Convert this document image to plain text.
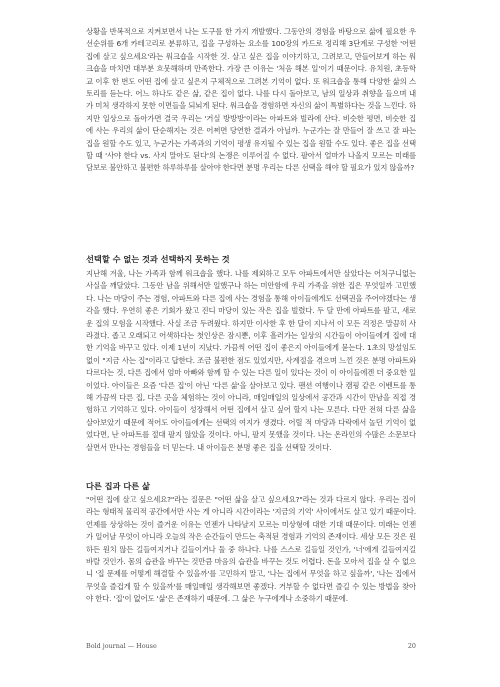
상황을 반복적으로 지켜보면서 나는 도구를 한 가지 개발했다. 그동안의 경험을 바탕으로 삶에 필요한 우선순위를 6개 카테고리로 분류하고, 집을 구성하는 요소를 100장의 카드로 정리해 3단계로 구성한 '어떤 집에 살고 싶으세요'라는 워크숍을 시작한 것. 살고 싶은 집을 이야기하고, 그려보고, 만들어보게 하는 워크숍을 마치면 대부분 흐뭇해하며 만족한다. 가장 큰 이유는 '처음 해본 일'이기 때문이다. 유치원, 초등학교 이후 한 번도 어떤 집에 살고 싶은지 구체적으로 그려본 기억이 없다. 또 워크숍을 통해 다양한 삶의 스토리를 듣는다. 어느 하나도 같은 삶, 같은 집이 없다. 나를 다시 돌아보고, 남의 일상과 취향을 들으며 내가 미처 생각하지 못한 이면들을 되뇌게 된다. 워크숍을 경험하면 자신의 삶이 특별하다는 것을 느낀다. 하지만 일상으로 돌아가면 결국 우리는 '거실 방방방'이라는 아파트와 빌라에 산다. 비슷한 평면, 비슷한 집에 사는 우리의 삶이 단순해지는 것은 어쩌면 당연한 결과가 아닐까. 누군가는 잘 만들어 잘 쓰고 잘 파는 집을 원할 수도 있고, 누군가는 가족과의 기억이 평생 유지될 수 있는 집을 원할 수도 있다. 좋은 집을 선택할 때 '사야 한다 vs. 사지 말아도 된다'의 논쟁은 이루어질 수 없다. 팔아서 얼마가 나올지 모르는 미래를 담보로 불안하고 불편한 하루하루를 살아야 한다면 분명 우리는 다른 선택을 해야 할 필요가 있지 않을까?

선택할 수 없는 것과 선택하지 못하는 것

지난해 겨울, 나는 가족과 함께 워크숍을 했다. 나를 제외하고 모두 아파트에서만 살았다는 어처구니없는 사실을 깨달았다. 그동안 남을 위해서만 일했구나 하는 미안함에 우리 가족을 위한 집은 무엇일까 고민했다. 나는 마당이 주는 경험, 아파트와 다른 집에 사는 경험을 통해 아이들에게도 선택권을 주어야겠다는 생각을 했다. 우연히 좋은 기회가 왔고 진디 마당이 있는 작은 집을 빌렸다. 두 달 만에 아파트를 팔고, 새로운 집의 모험을 시작했다. 사실 조금 두려웠다. 하지만 이사한 후 한 달이 지나서 이 모든 걱정은 말끔히 사라졌다. 좁고 오래되고 어색하다는 첫인상은 잠시뿐, 이후 흘러가는 일상의 시간들이 아이들에게 집에 대한 기억을 바꾸고 있다. 이제 1년이 지났다. 가끔씩 어떤 집이 좋은지 아이들에게 묻는다. 1초의 망설임도 없이 "지금 사는 집"이라고 답한다. 조금 불편한 점도 있었지만, 사계절을 겪으며 느낀 것은 분명 아파트와 다르다는 것, 다른 집에서 엄마 아빠와 함께 할 수 있는 다른 일이 있다는 것이 이 아이들에겐 더 중요한 일이었다. 아이들은 요즘 '다른 집'이 아닌 '다른 삶'을 살아보고 있다. 팬션 여행이나 캠핑 같은 이벤트를 통해 가끔씩 다른 집, 다른 곳을 체험하는 것이 아니라, 매일매일의 일상에서 공간과 시간이 만남을 직접 경험하고 기억하고 있다. 아이들이 성장해서 어떤 집에서 살고 싶어 할지 나는 모른다. 다만 전혀 다른 삶을 살아보았기 때문에 적어도 아이들에게는 선택의 여지가 생겼다. 어릴 적 마당과 다락에서 놀던 기억이 없었다면, 난 아파트를 절대 팔지 않았을 것이다. 아니, 팔지 못했을 것이다. 나는 온라인의 수많은 소문보다 살면서 만나는 경험들을 더 믿는다. 내 아이들은 분명 좋은 집을 선택할 것이다.

다른 집과 다른 삶

"어떤 집에 살고 싶으세요?"라는 질문은 "어떤 삶을 살고 싶으세요?"라는 것과 다르지 않다. 우리는 집이라는 형태적 물리적 공간에서만 사는 게 아니라 시간이라는 '지금의 기억' 사이에서도 살고 있기 때문이다. 언제를 상상하는 것이 즐거운 이유는 언젠가 나타날지 모르는 미상형에 대한 기대 때문이다. 미래는 언젠가 일어날 무엇이 아니라 오늘의 작은 순간들이 만드는 축적된 경험과 기억의 존재이다. 세상 모든 것은 원하든 원치 않든 길들여지거나 길들이거나 둘 중 하나다. 나를 스스로 길들일 것인가, '너'에게 길들여지길 바랄 것인가. 몸의 습관을 바꾸는 것만큼 마음의 습관을 바꾸는 것도 어렵다. 돈을 모아서 집을 살 수 없으니 '집 문제를 어떻게 해결할 수 있을까'를 고민하지 말고, '나는 집에서 무엇을 하고 싶을까', '나는 집에서 무엇을 즐겁게 할 수 있을까'를 매일매일 생각해보면 좋겠다. 거부할 수 없다면 즐길 수 있는 방법을 찾아야 한다. '집'이 없어도 '삶'은 존재하기 때문에. 그 삶은 누구에게나 소중하기 때문에.

Bold journal — House	20
